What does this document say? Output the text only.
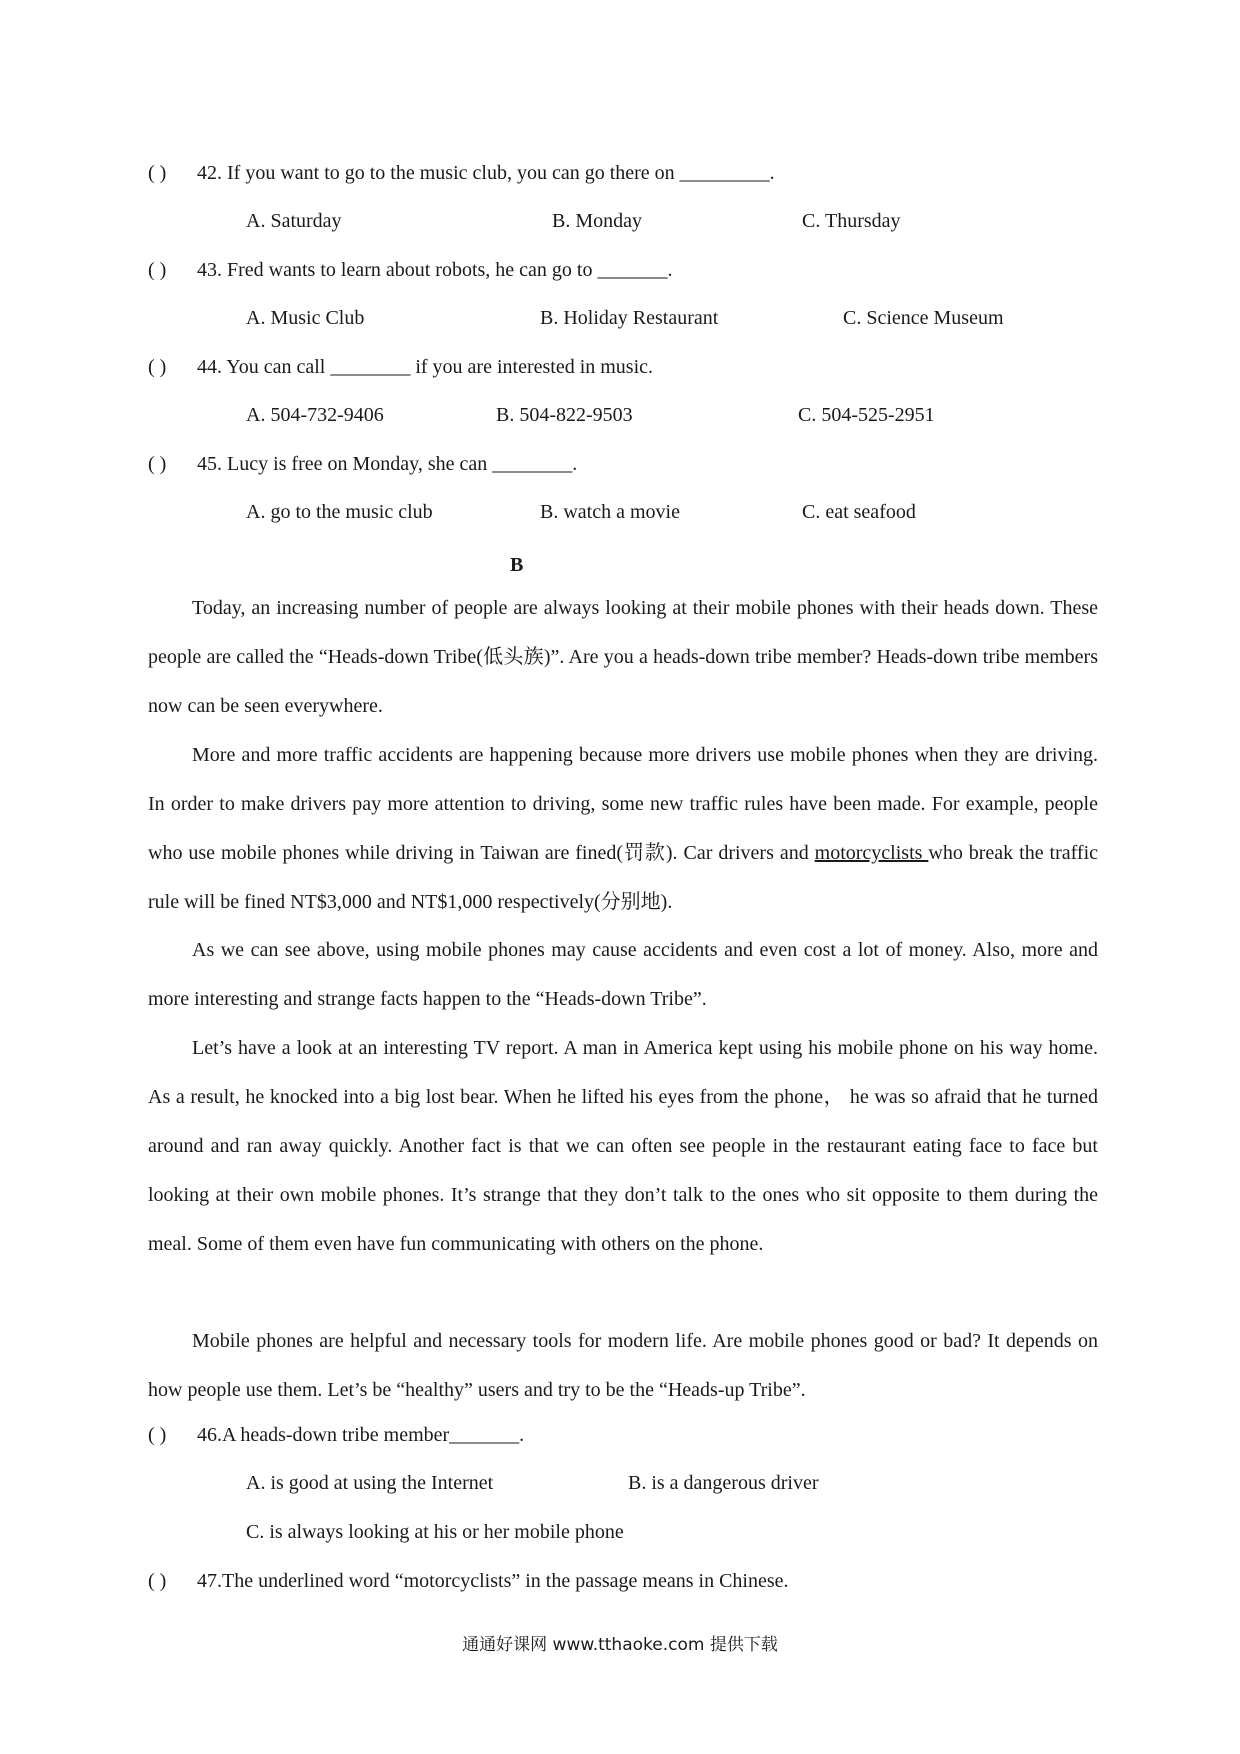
( ) 42. If you want to go to the music club, you can go there on _________.
A. Saturday	B. Monday	C. Thursday
( ) 43. Fred wants to learn about robots, he can go to _______.
A. Music Club	B. Holiday Restaurant	C. Science Museum
( ) 44. You can call ________ if you are interested in music.
A. 504-732-9406	B. 504-822-9503	C. 504-525-2951
( ) 45. Lucy is free on Monday, she can ________.
A. go to the music club	B. watch a movie	C. eat seafood
B

Today, an increasing number of people are always looking at their mobile phones with their heads down. These people are called the “Heads-down Tribe(低头族)”. Are you a heads-down tribe member? Heads-down tribe members now can be seen everywhere.

More and more traffic accidents are happening because more drivers use mobile phones when they are driving. In order to make drivers pay more attention to driving, some new traffic rules have been made. For example, people who use mobile phones while driving in Taiwan are fined(罚款). Car drivers and motorcyclists who break the traffic rule will be fined NT$3,000 and NT$1,000 respectively(分别地).

As we can see above, using mobile phones may cause accidents and even cost a lot of money. Also, more and more interesting and strange facts happen to the “Heads-down Tribe”.

Let’s have a look at an interesting TV report. A man in America kept using his mobile phone on his way home. As a result, he knocked into a big lost bear. When he lifted his eyes from the phone， he was so afraid that he turned around and ran away quickly. Another fact is that we can often see people in the restaurant eating face to face but looking at their own mobile phones. It’s strange that they don’t talk to the ones who sit opposite to them during the meal. Some of them even have fun communicating with others on the phone.

Mobile phones are helpful and necessary tools for modern life. Are mobile phones good or bad? It depends on how people use them. Let’s be “healthy” users and try to be the “Heads-up Tribe”.

( ) 46.A heads-down tribe member_______.
A. is good at using the Internet	B. is a dangerous driver
C. is always looking at his or her mobile phone
( ) 47.The underlined word “motorcyclists” in the passage means in Chinese.
通通好课网 www.tthaoke.com 提供下载
